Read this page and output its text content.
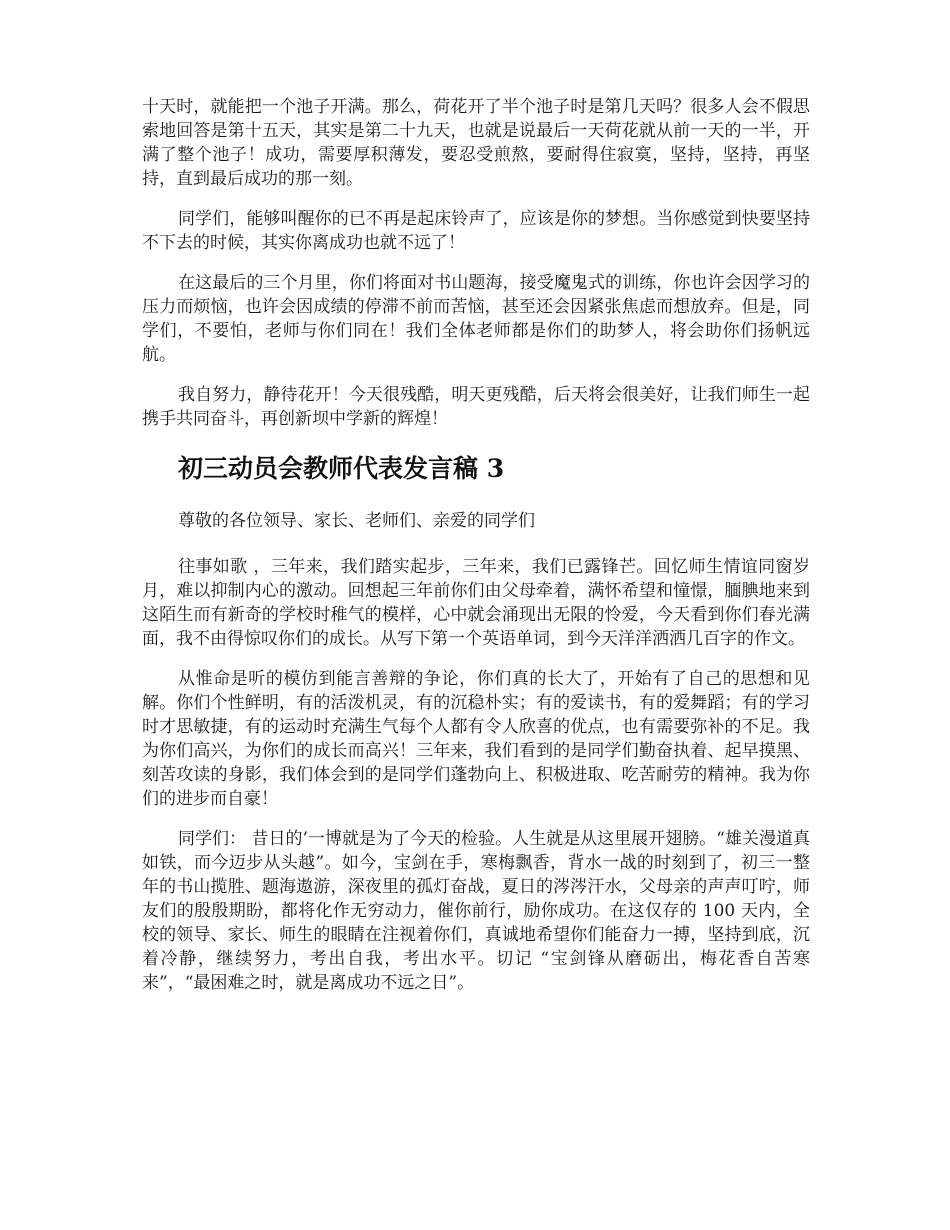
十天时，就能把一个池子开满。那么，荷花开了半个池子时是第几天吗？很多人会不假思索地回答是第十五天，其实是第二十九天，也就是说最后一天荷花就从前一天的一半，开满了整个池子！成功，需要厚积薄发，要忍受煎熬，要耐得住寂寞，坚持，坚持，再坚持，直到最后成功的那一刻。

同学们，能够叫醒你的已不再是起床铃声了，应该是你的梦想。当你感觉到快要坚持不下去的时候，其实你离成功也就不远了！

在这最后的三个月里，你们将面对书山题海，接受魔鬼式的训练，你也许会因学习的压力而烦恼，也许会因成绩的停滞不前而苦恼，甚至还会因紧张焦虑而想放弃。但是，同学们，不要怕，老师与你们同在！我们全体老师都是你们的助梦人，将会助你们扬帆远航。

我自努力，静待花开！今天很残酷，明天更残酷，后天将会很美好，让我们师生一起携手共同奋斗，再创新坝中学新的辉煌！

初三动员会教师代表发言稿 3

尊敬的各位领导、家长、老师们、亲爱的同学们

往事如歌 ，三年来，我们踏实起步，三年来，我们已露锋芒。回忆师生情谊同窗岁月，难以抑制内心的激动。回想起三年前你们由父母牵着，满怀希望和憧憬，腼腆地来到这陌生而有新奇的学校时稚气的模样，心中就会涌现出无限的怜爱，今天看到你们春光满面，我不由得惊叹你们的成长。从写下第一个英语单词，到今天洋洋洒洒几百字的作文。

从惟命是听的模仿到能言善辩的争论，你们真的长大了，开始有了自己的思想和见解。你们个性鲜明，有的活泼机灵，有的沉稳朴实；有的爱读书，有的爱舞蹈；有的学习时才思敏捷，有的运动时充满生气每个人都有令人欣喜的优点，也有需要弥补的不足。我为你们高兴，为你们的成长而高兴！三年来，我们看到的是同学们勤奋执着、起早摸黑、刻苦攻读的身影，我们体会到的是同学们蓬勃向上、积极进取、吃苦耐劳的精神。我为你们的进步而自豪！

同学们： 昔日的’一博就是为了今天的检验。人生就是从这里展开翅膀。“雄关漫道真如铁，而今迈步从头越”。如今，宝剑在手，寒梅飘香，背水一战的时刻到了，初三一整年的书山揽胜、题海遨游，深夜里的孤灯奋战，夏日的涔涔汗水，父母亲的声声叮咛，师友们的殷殷期盼，都将化作无穷动力，催你前行，励你成功。在这仅存的 100 天内，全校的领导、家长、师生的眼睛在注视着你们，真诚地希望你们能奋力一搏，坚持到底，沉着冷静，继续努力，考出自我，考出水平。切记 “宝剑锋从磨砺出，梅花香自苦寒来”，“最困难之时，就是离成功不远之日”。
